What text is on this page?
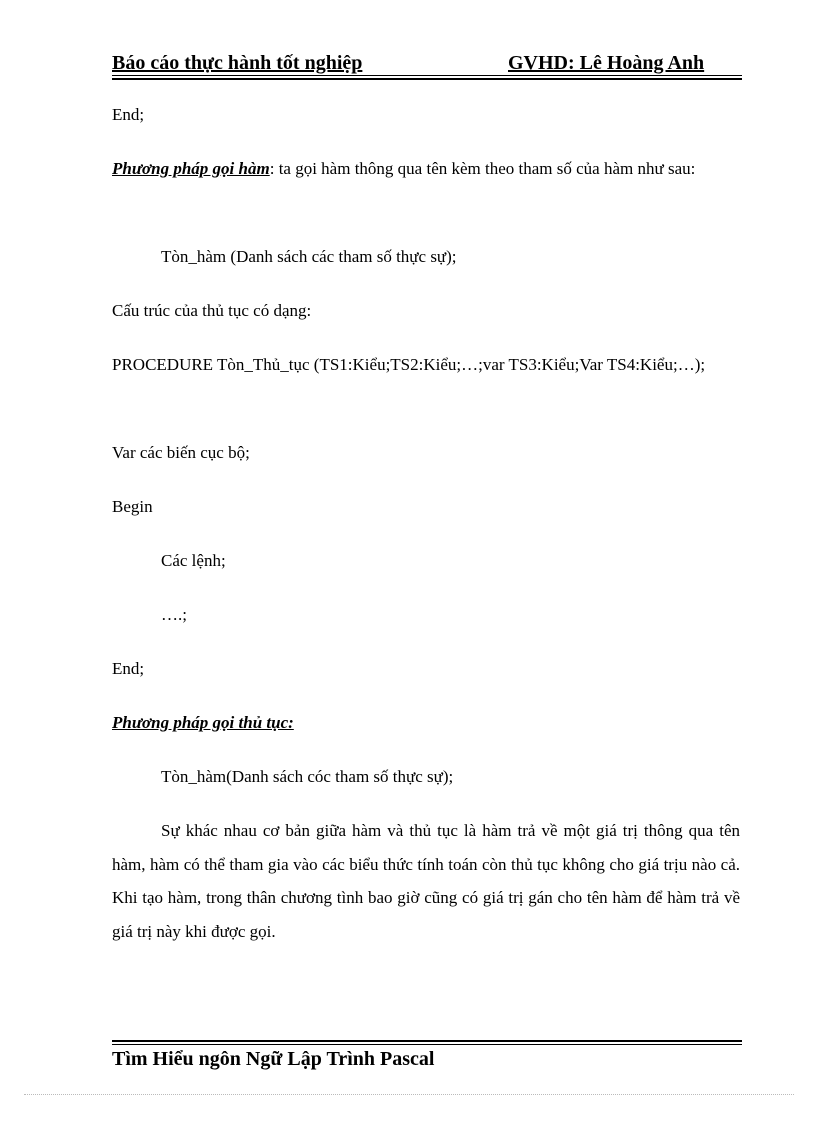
Báo cáo thực hành tốt nghiệp	GVHD: Lê Hoàng Anh
End;
Phương pháp gọi hàm: ta gọi hàm thông qua tên kèm theo tham số của hàm như sau:
Tòn_hàm (Danh sách các tham số thực sự);
Cấu trúc của thủ tục có dạng:
PROCEDURE Tòn_Thủ_tục (TS1:Kiểu;TS2:Kiểu;…;var TS3:Kiểu;Var TS4:Kiểu;…);
Var các biến cục bộ;
Begin
Các lệnh;
….;
End;
Phương pháp gọi thủ tục:
Tòn_hàm(Danh sách cóc tham số thực sự);
Sự khác nhau cơ bản giữa hàm và thủ tục là hàm trả về một giá trị thông qua tên hàm, hàm có thể tham gia vào các biểu thức tính toán còn thủ tục không cho giá trịu nào cả. Khi tạo hàm, trong thân chương tình bao giờ cũng có giá trị gán cho tên hàm để hàm trả về giá trị này khi được gọi.
Tìm Hiểu ngôn Ngữ Lập Trình Pascal
